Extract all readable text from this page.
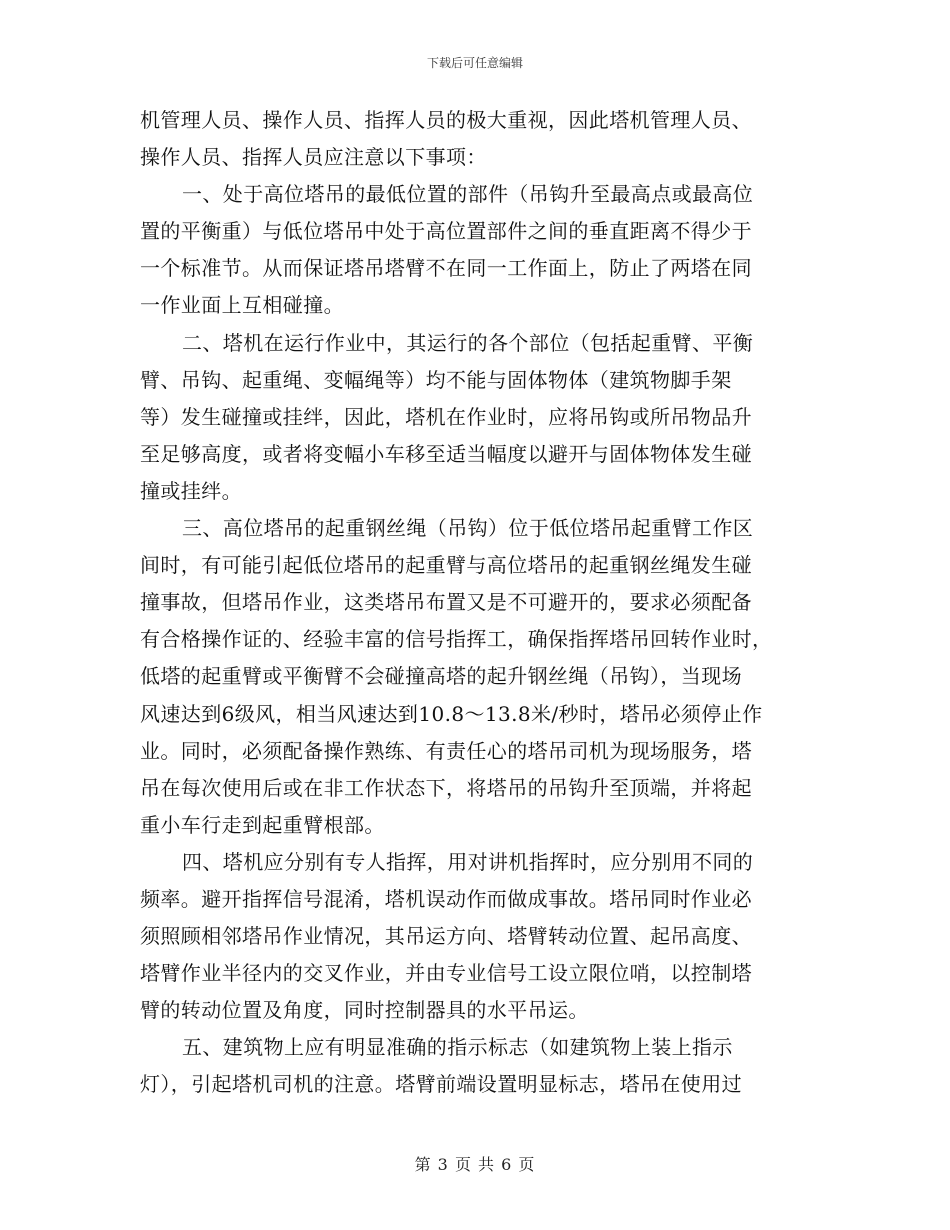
下载后可任意编辑
机管理人员、操作人员、指挥人员的极大重视，因此塔机管理人员、
操作人员、指挥人员应注意以下事项：
一、处于高位塔吊的最低位置的部件（吊钩升至最高点或最高位
置的平衡重）与低位塔吊中处于高位置部件之间的垂直距离不得少于
一个标准节。从而保证塔吊塔臂不在同一工作面上，防止了两塔在同
一作业面上互相碰撞。
二、塔机在运行作业中，其运行的各个部位（包括起重臂、平衡
臂、吊钩、起重绳、变幅绳等）均不能与固体物体（建筑物脚手架
等）发生碰撞或挂绊，因此，塔机在作业时，应将吊钩或所吊物品升
至足够高度，或者将变幅小车移至适当幅度以避开与固体物体发生碰
撞或挂绊。
三、高位塔吊的起重钢丝绳（吊钩）位于低位塔吊起重臂工作区
间时，有可能引起低位塔吊的起重臂与高位塔吊的起重钢丝绳发生碰
撞事故，但塔吊作业，这类塔吊布置又是不可避开的，要求必须配备
有合格操作证的、经验丰富的信号指挥工，确保指挥塔吊回转作业时，
低塔的起重臂或平衡臂不会碰撞高塔的起升钢丝绳（吊钩），当现场
风速达到6级风，相当风速达到10.8～13.8米/秒时，塔吊必须停止作
业。同时，必须配备操作熟练、有责任心的塔吊司机为现场服务，塔
吊在每次使用后或在非工作状态下，将塔吊的吊钩升至顶端，并将起
重小车行走到起重臂根部。
四、塔机应分别有专人指挥，用对讲机指挥时，应分别用不同的
频率。避开指挥信号混淆，塔机误动作而做成事故。塔吊同时作业必
须照顾相邻塔吊作业情况，其吊运方向、塔臂转动位置、起吊高度、
塔臂作业半径内的交叉作业，并由专业信号工设立限位哨，以控制塔
臂的转动位置及角度，同时控制器具的水平吊运。
五、建筑物上应有明显准确的指示标志（如建筑物上装上指示
灯），引起塔机司机的注意。塔臂前端设置明显标志，塔吊在使用过
第 3 页 共 6 页
